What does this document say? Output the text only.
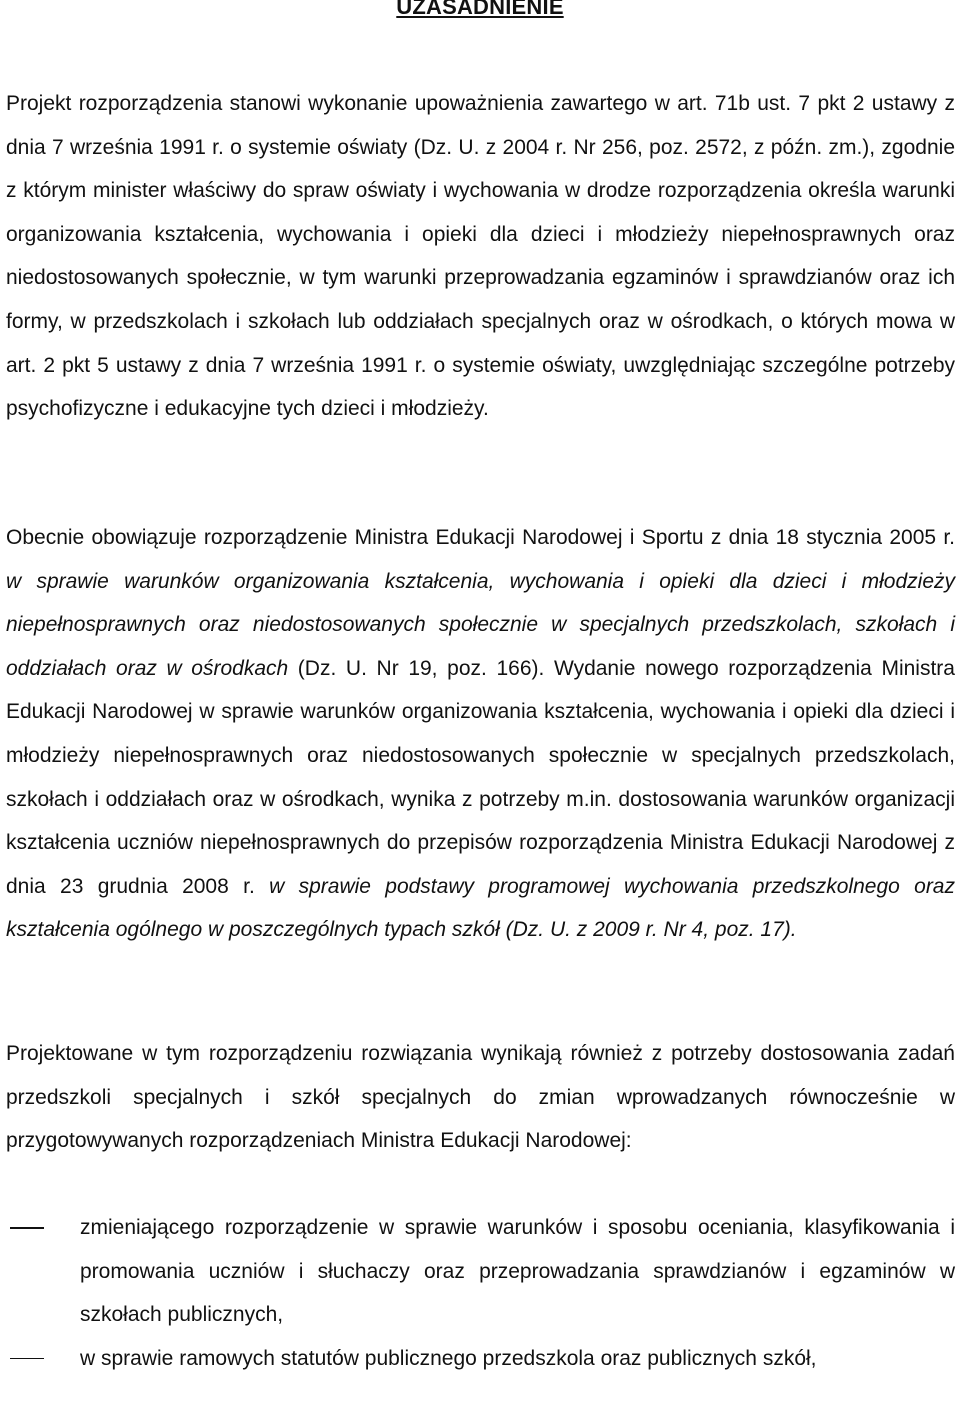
UZASADNIENIE
Projekt rozporządzenia stanowi wykonanie upoważnienia zawartego w art. 71b ust. 7 pkt 2 ustawy z dnia 7 września 1991 r. o systemie oświaty (Dz. U. z 2004 r. Nr 256, poz. 2572, z późn. zm.), zgodnie z którym minister właściwy do spraw oświaty i wychowania w drodze rozporządzenia określa warunki organizowania kształcenia, wychowania i opieki dla dzieci i młodzieży niepełnosprawnych oraz niedostosowanych społecznie, w tym warunki przeprowadzania egzaminów i sprawdzianów oraz ich formy, w przedszkolach i szkołach lub oddziałach specjalnych oraz w ośrodkach, o których mowa w art. 2 pkt 5 ustawy z dnia 7 września 1991 r. o systemie oświaty, uwzględniając szczególne potrzeby psychofizyczne i edukacyjne tych dzieci i młodzieży.
Obecnie obowiązuje rozporządzenie Ministra Edukacji Narodowej i Sportu z dnia 18 stycznia 2005 r. w sprawie warunków organizowania kształcenia, wychowania i opieki dla dzieci i młodzieży niepełnosprawnych oraz niedostosowanych społecznie w specjalnych przedszkolach, szkołach i oddziałach oraz w ośrodkach (Dz. U. Nr 19, poz. 166). Wydanie nowego rozporządzenia Ministra Edukacji Narodowej w sprawie warunków organizowania kształcenia, wychowania i opieki dla dzieci i młodzieży niepełnosprawnych oraz niedostosowanych społecznie w specjalnych przedszkolach, szkołach i oddziałach oraz w ośrodkach, wynika z potrzeby m.in. dostosowania warunków organizacji kształcenia uczniów niepełnosprawnych do przepisów rozporządzenia Ministra Edukacji Narodowej z dnia 23 grudnia 2008 r. w sprawie podstawy programowej wychowania przedszkolnego oraz kształcenia ogólnego w poszczególnych typach szkół (Dz. U. z 2009 r. Nr 4, poz. 17).
Projektowane w tym rozporządzeniu rozwiązania wynikają również z potrzeby dostosowania zadań przedszkoli specjalnych i szkół specjalnych do zmian wprowadzanych równocześnie w przygotowywanych rozporządzeniach Ministra Edukacji Narodowej:
zmieniającego rozporządzenie w sprawie warunków i sposobu oceniania, klasyfikowania i promowania uczniów i słuchaczy oraz przeprowadzania sprawdzianów i egzaminów w szkołach publicznych,
w sprawie ramowych statutów publicznego przedszkola oraz publicznych szkół,
